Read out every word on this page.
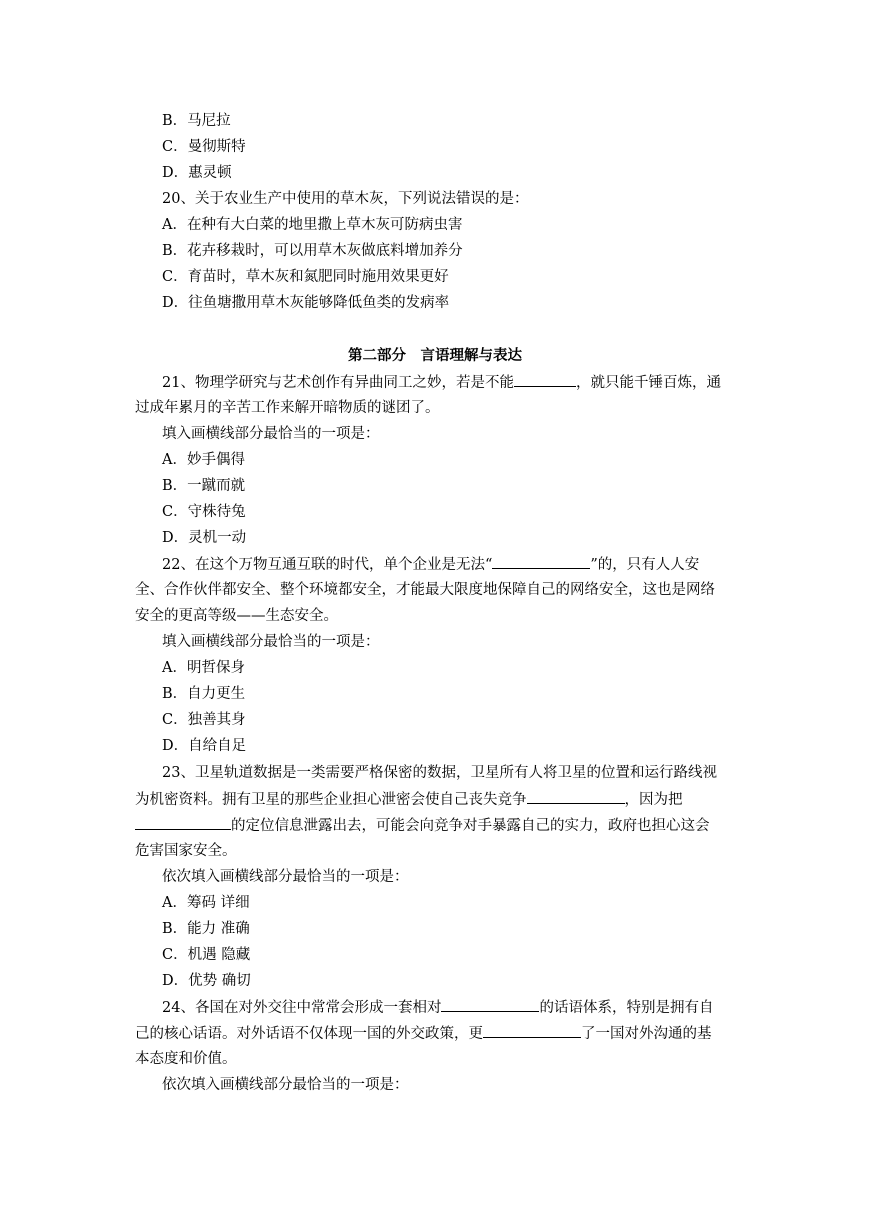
B．马尼拉
C．曼彻斯特
D．惠灵顿
20、关于农业生产中使用的草木灰，下列说法错误的是：
A．在种有大白菜的地里撒上草木灰可防病虫害
B．花卉移栽时，可以用草木灰做底料增加养分
C．育苗时，草木灰和氮肥同时施用效果更好
D．往鱼塘撒用草木灰能够降低鱼类的发病率
第二部分　言语理解与表达
21、物理学研究与艺术创作有异曲同工之妙，若是不能	，就只能千锤百炼，通
过成年累月的辛苦工作来解开暗物质的谜团了。
填入画横线部分最恰当的一项是：
A．妙手偶得
B．一蹴而就
C．守株待兔
D．灵机一动
22、在这个万物互通互联的时代，单个企业是无法“	”的，只有人人安
全、合作伙伴都安全、整个环境都安全，才能最大限度地保障自己的网络安全，这也是网络
安全的更高等级——生态安全。
填入画横线部分最恰当的一项是：
A．明哲保身
B．自力更生
C．独善其身
D．自给自足
23、卫星轨道数据是一类需要严格保密的数据，卫星所有人将卫星的位置和运行路线视
为机密资料。拥有卫星的那些企业担心泄密会使自己丧失竞争	，因为把
的定位信息泄露出去，可能会向竞争对手暴露自己的实力，政府也担心这会
危害国家安全。
依次填入画横线部分最恰当的一项是：
A．筹码 详细
B．能力 准确
C．机遇 隐藏
D．优势 确切
24、各国在对外交往中常常会形成一套相对	的话语体系，特别是拥有自
己的核心话语。对外话语不仅体现一国的外交政策，更	了一国对外沟通的基
本态度和价值。
依次填入画横线部分最恰当的一项是：
